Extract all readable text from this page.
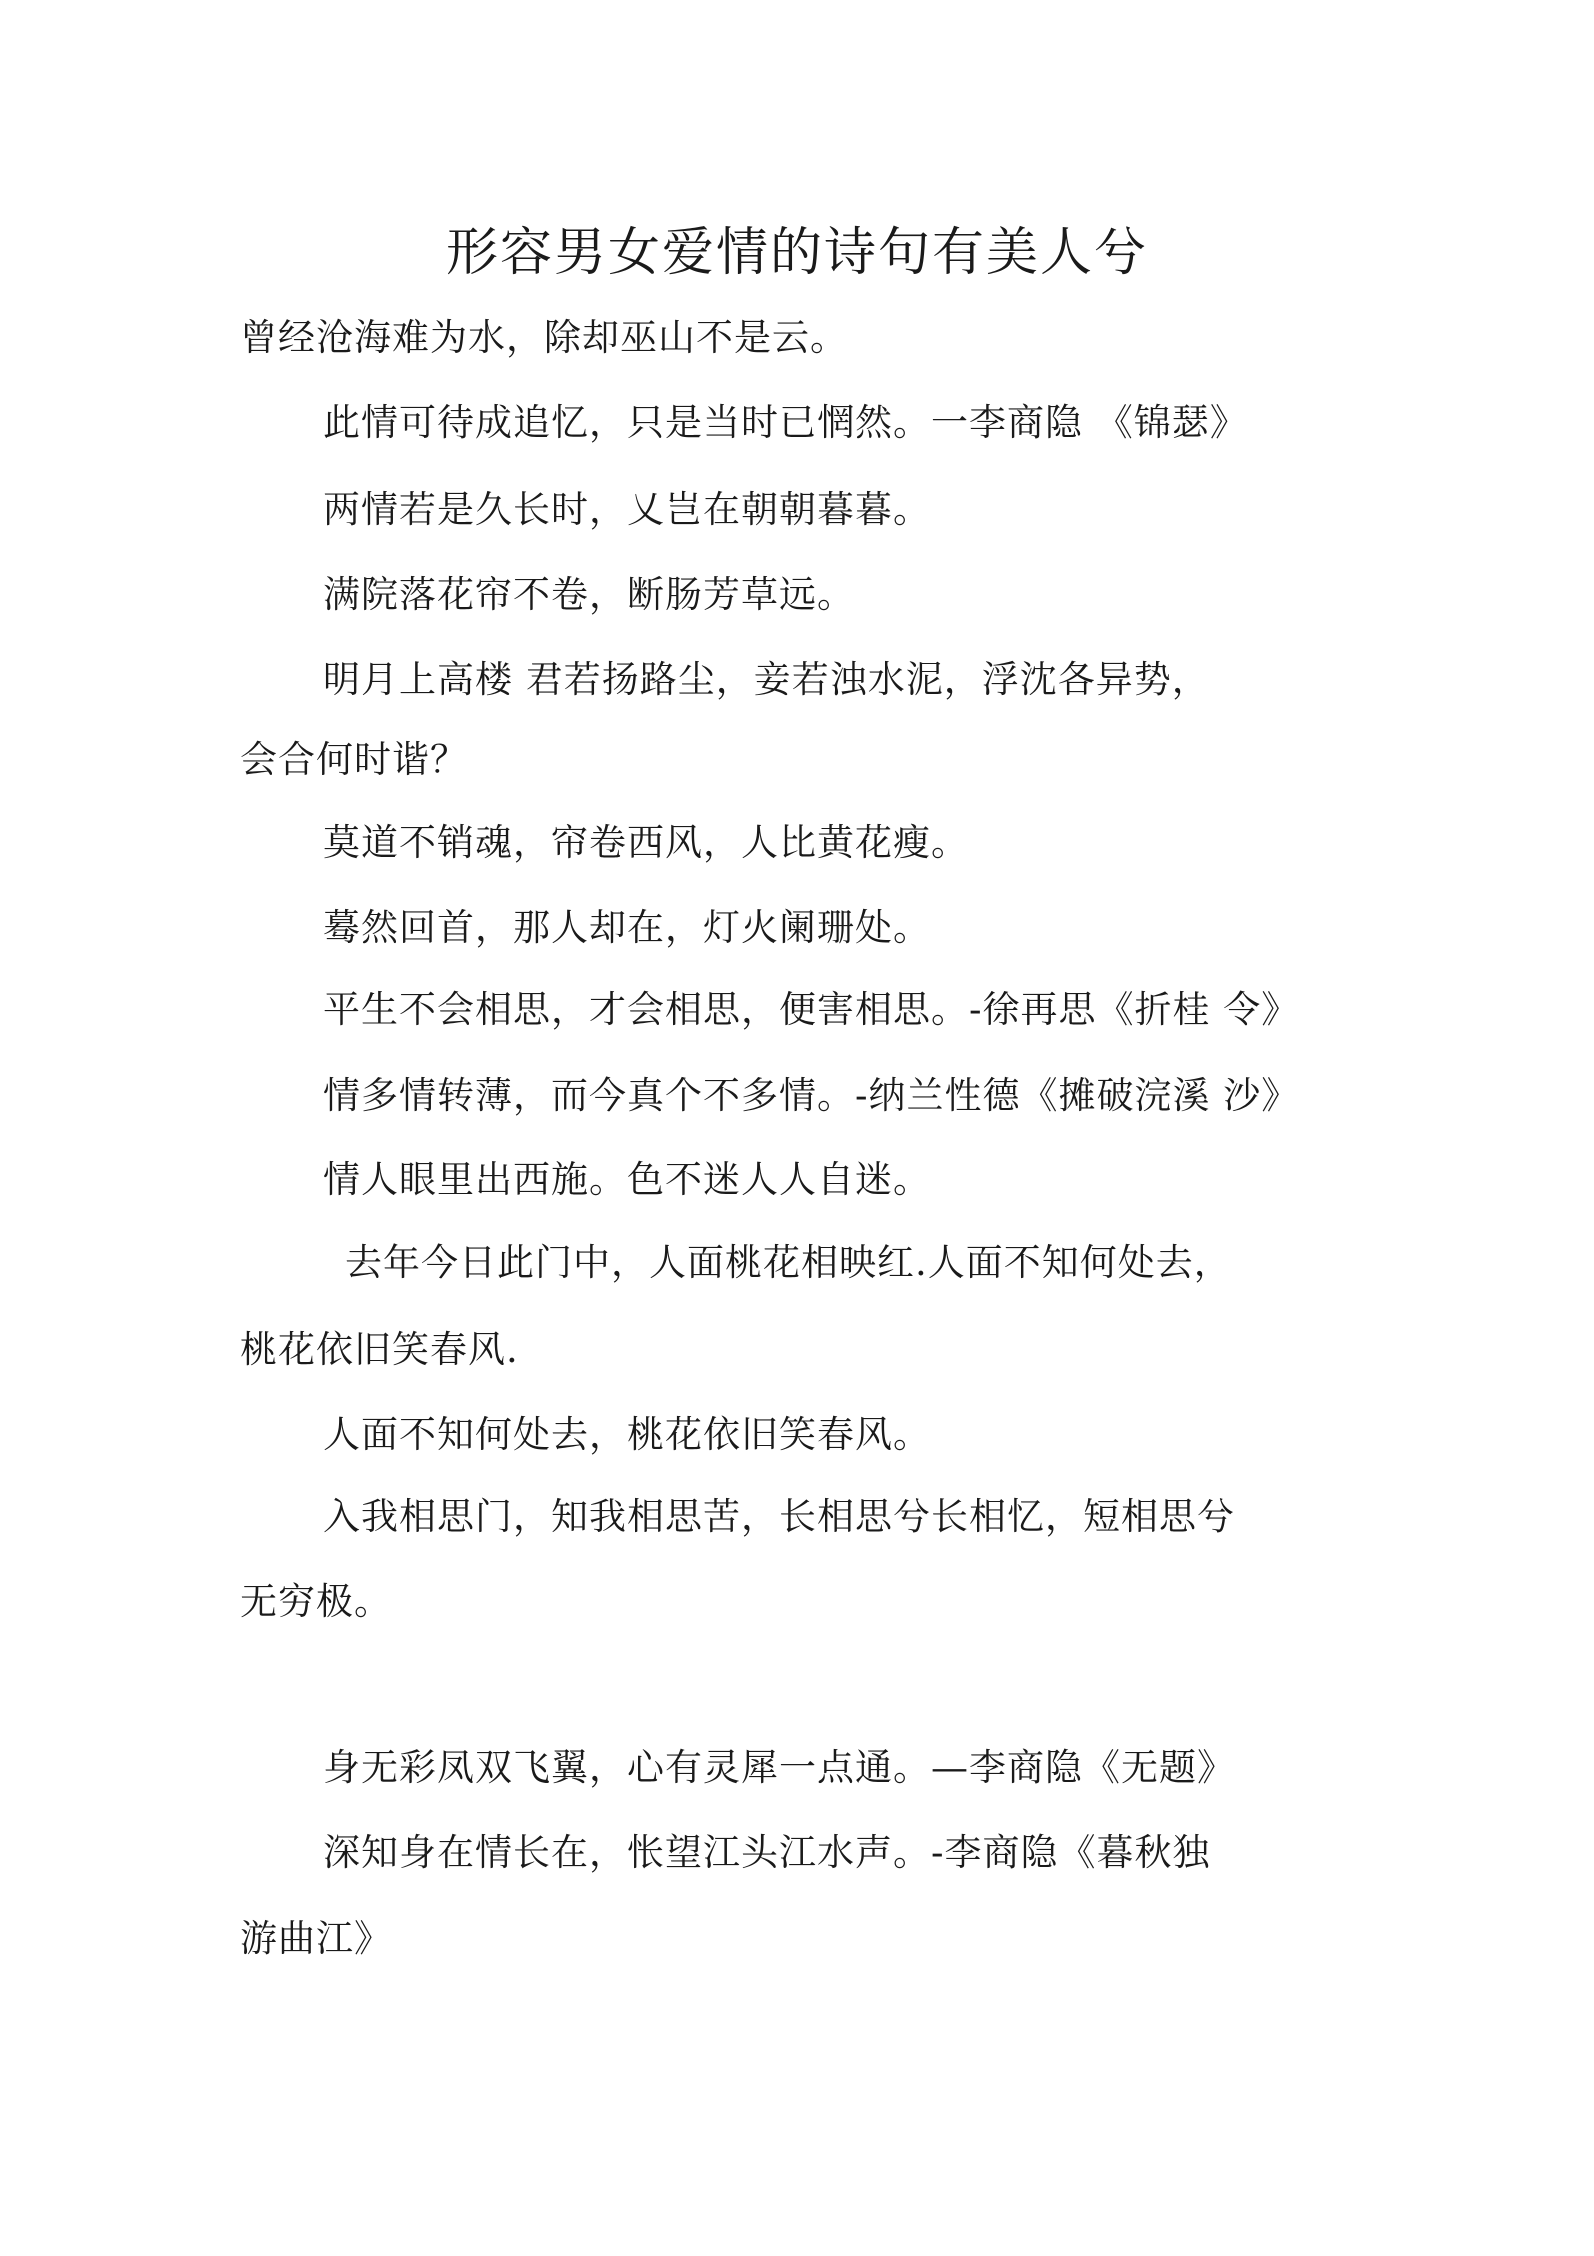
形容男女爱情的诗句有美人兮
曾经沧海难为水，除却巫山不是云。
此情可待成追忆，只是当时已惘然。一李商隐 《锦瑟》
两情若是久长时，乂岂在朝朝暮暮。
满院落花帘不卷，断肠芳草远。
明月上高楼 君若扬路尘，妾若浊水泥，浮沈各异势，
会合何时谐？
莫道不销魂，帘卷西风，人比黄花瘦。
蓦然回首，那人却在，灯火阑珊处。
平生不会相思，才会相思，便害相思。-徐再思《折桂 令》
情多情转薄，而今真个不多情。-纳兰性德《摊破浣溪 沙》
情人眼里出西施。色不迷人人自迷。
去年今日此门中，人面桃花相映红.人面不知何处去，
桃花依旧笑春风.
人面不知何处去，桃花依旧笑春风。
入我相思门，知我相思苦，长相思兮长相忆，短相思兮
无穷极。
身无彩凤双飞翼，心有灵犀一点通。—李商隐《无题》
深知身在情长在，怅望江头江水声。-李商隐《暮秋独
游曲江》
